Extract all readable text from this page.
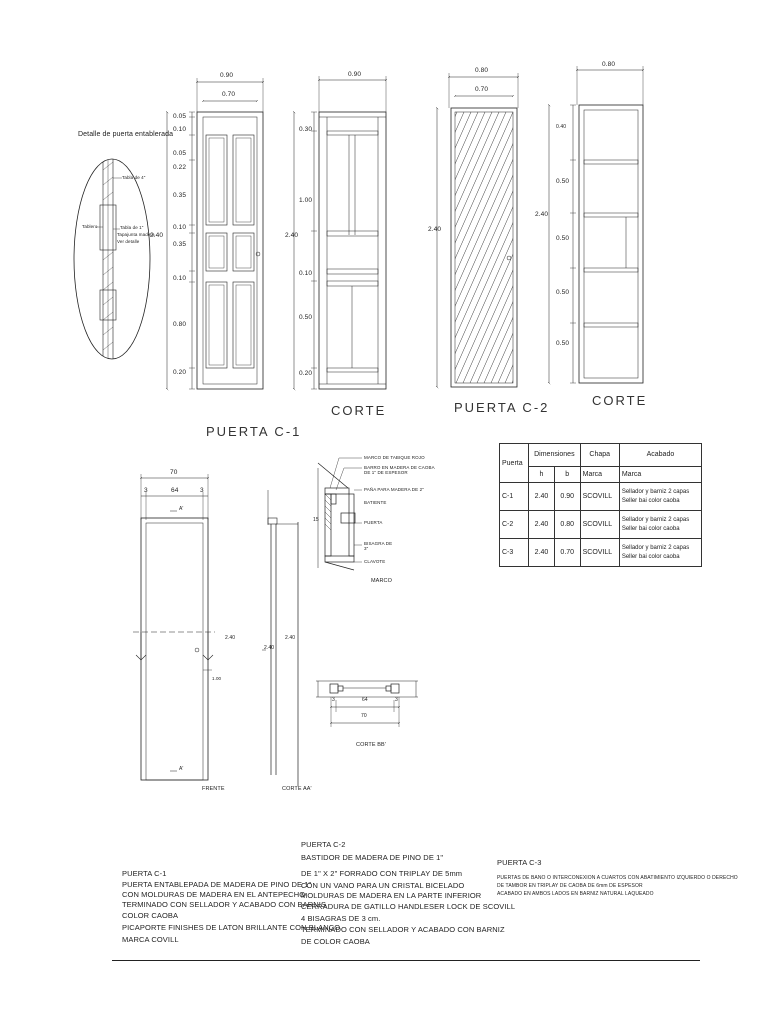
Detalle de puerta entablerada
Tabla de 4"
Tablero	Tabla de 1"
Tapajunta madera
Ver detalle
0.90
0.70
2.40
0.05
0.10
0.05
0.22
0.35
0.10
0.35
0.10
0.80
0.20
PUERTA C-1
0.90
2.40
0.30
1.00
0.10
0.50
0.20
CORTE
0.80
0.70
2.40
PUERTA C-2
0.80
2.40
0.40
0.50
0.50
0.50
0.50
CORTE
Puerta	Dimensiones		Chapa	Acabado
	h	b	Marca	Marca
C-1	2.40	0.90	SCOVILL	Sellador y barniz 2 capas
Seller bai color caoba

C-2	2.40	0.80	SCOVILL	Sellador y barniz 2 capas
Seller bai color caoba

C-3	2.40	0.70	SCOVILL	Sellador y barniz 2 capas
Seller bai color caoba
70
3	64	3
2.40
A'
A'
1.00
FRENTE
2.40
2.40
CORTE AA'
MARCO DE TABIQUE ROJO
BARRO EN MADERA DE CAOBA DE 1" DE ESPESOR
PAÑA PARA MADERA DE 2"
BATIENTE
PUERTA
BISAGRA DE 3"
CLAVOTE
15
MARCO
3	64	3
70
CORTE BB'
PUERTA C-1
PUERTA ENTABLEPADA DE MADERA DE PINO DE 1"
CON MOLDURAS DE MADERA EN EL ANTEPECHO
TERMINADO CON SELLADOR Y ACABADO CON BARNIS
COLOR CAOBA
PICAPORTE FINISHES DE LATON BRILLANTE CON BLANCO
MARCA COVILL
PUERTA C-2
BASTIDOR DE MADERA DE PINO DE 1"
DE 1" X 2" FORRADO CON TRIPLAY DE 5mm
CON UN VANO PARA UN CRISTAL BICELADO
MOLDURAS DE MADERA EN LA PARTE INFERIOR
CERRADURA DE GATILLO HANDLESER LOCK DE SCOVILL
4 BISAGRAS DE 3 cm.
TERMINADO CON SELLADOR Y ACABADO CON BARNIZ
DE COLOR CAOBA
PUERTA C-3
PUERTAS DE BANO O INTERCONEXION A CUARTOS CON ABATIMIENTO IZQUIERDO O DERECHO
DE TAMBOR EN TRIPLAY DE CAOBA DE 6mm DE ESPESOR
ACABADO EN AMBOS LADOS EN BARNIZ NATURAL LAQUEADO
